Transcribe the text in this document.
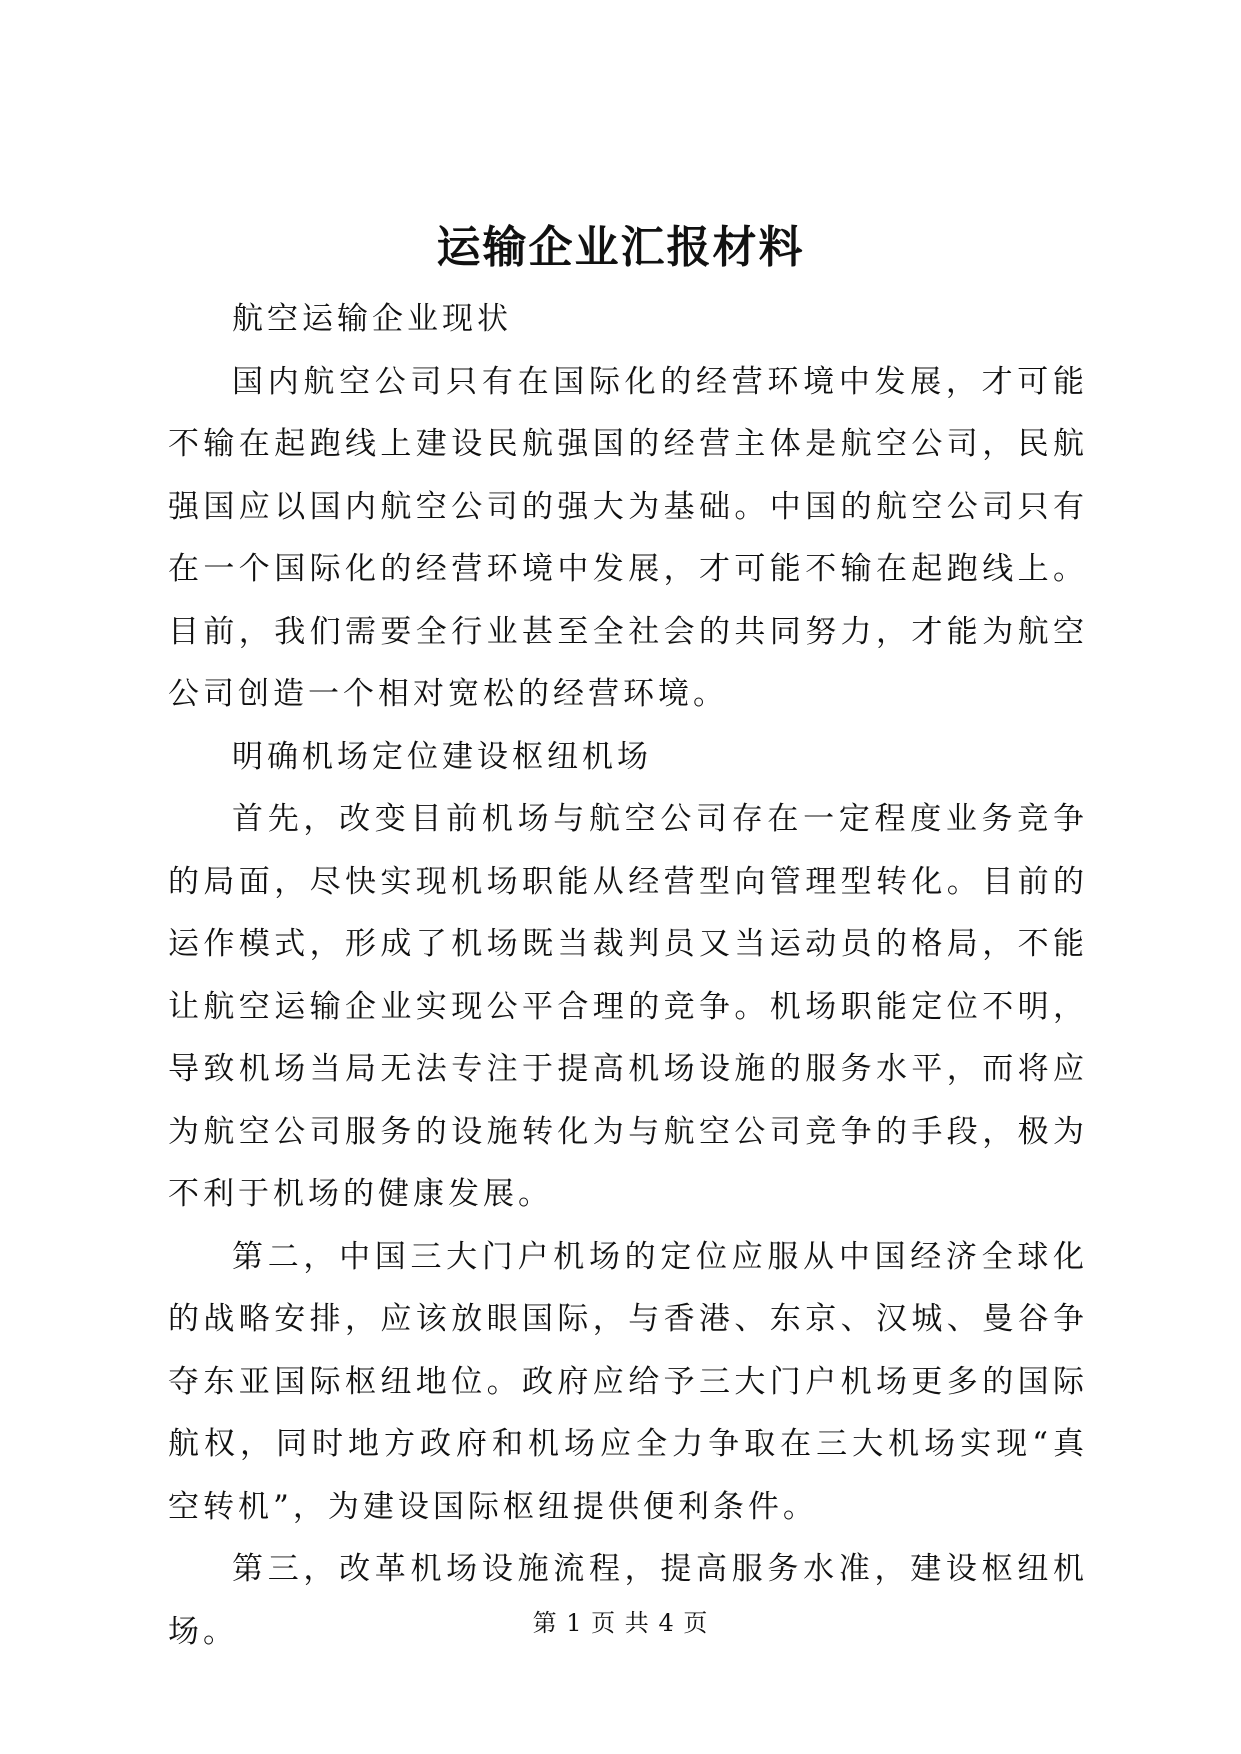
运输企业汇报材料

航空运输企业现状

国内航空公司只有在国际化的经营环境中发展，才可能不输在起跑线上建设民航强国的经营主体是航空公司，民航强国应以国内航空公司的强大为基础。中国的航空公司只有在一个国际化的经营环境中发展，才可能不输在起跑线上。目前，我们需要全行业甚至全社会的共同努力，才能为航空公司创造一个相对宽松的经营环境。

明确机场定位建设枢纽机场

首先，改变目前机场与航空公司存在一定程度业务竞争的局面，尽快实现机场职能从经营型向管理型转化。目前的运作模式，形成了机场既当裁判员又当运动员的格局，不能让航空运输企业实现公平合理的竞争。机场职能定位不明，导致机场当局无法专注于提高机场设施的服务水平，而将应为航空公司服务的设施转化为与航空公司竞争的手段，极为不利于机场的健康发展。

第二，中国三大门户机场的定位应服从中国经济全球化的战略安排，应该放眼国际，与香港、东京、汉城、曼谷争夺东亚国际枢纽地位。政府应给予三大门户机场更多的国际航权，同时地方政府和机场应全力争取在三大机场实现“真空转机”，为建设国际枢纽提供便利条件。

第三，改革机场设施流程，提高服务水准，建设枢纽机场。	第 1 页 共 4 页
